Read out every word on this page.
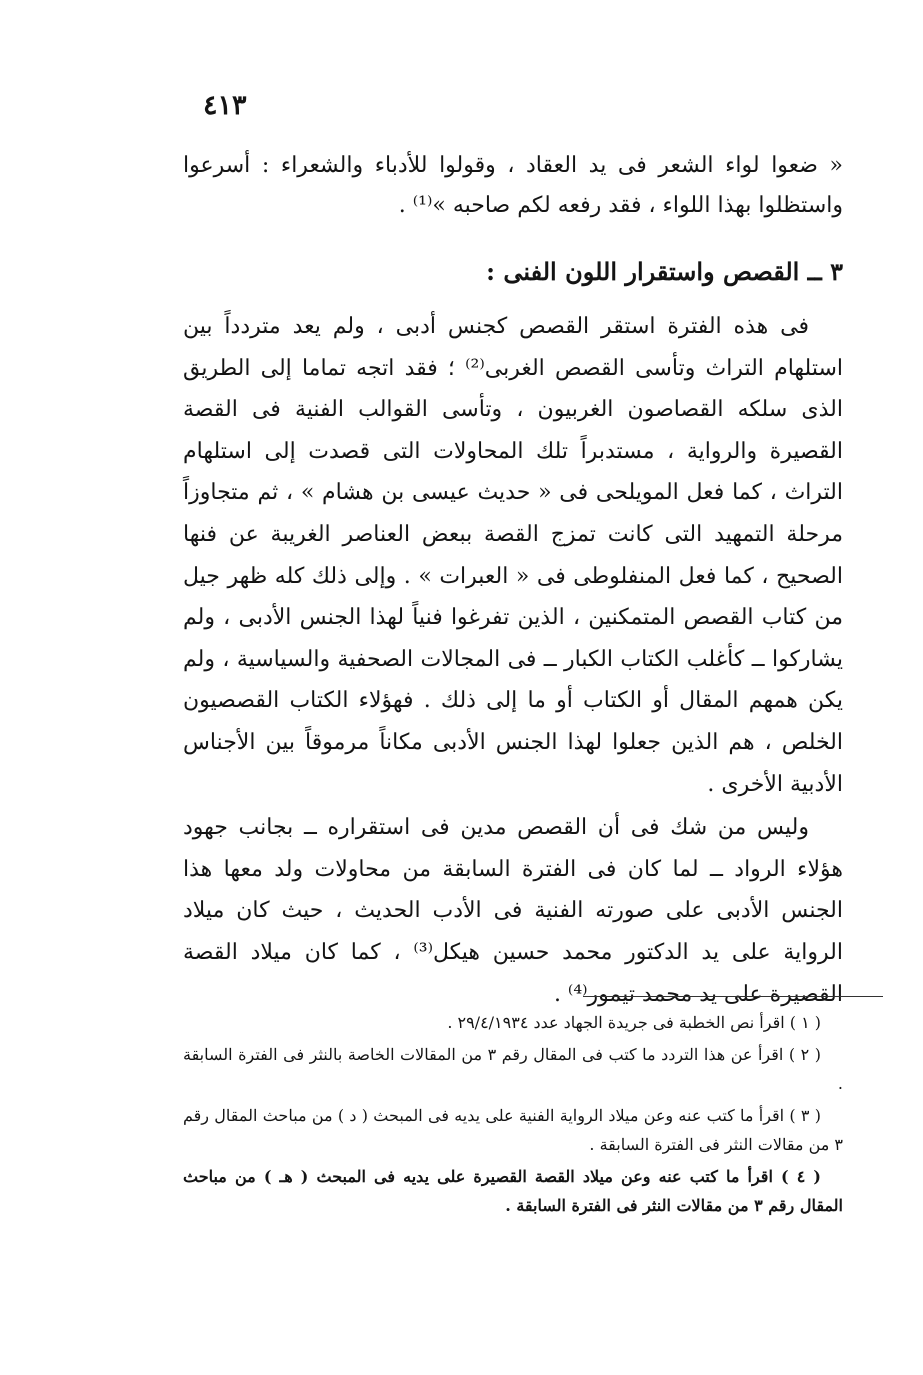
٤١٣
« ضعوا لواء الشعر فى يد العقاد ، وقولوا للأدباء والشعراء : أسرعوا واستظلوا بهذا اللواء ، فقد رفعه لكم صاحبه »⁽¹⁾ .
٣ ــ القصص واستقرار اللون الفنى :

فى هذه الفترة استقر القصص كجنس أدبى ، ولم يعد متردداً بين استلهام التراث وتأسى القصص الغربى⁽²⁾ ؛ فقد اتجه تماما إلى الطريق الذى سلكه القصاصون الغربيون ، وتأسى القوالب الفنية فى القصة القصيرة والرواية ، مستدبراً تلك المحاولات التى قصدت إلى استلهام التراث ، كما فعل المويلحى فى « حديث عيسى بن هشام » ، ثم متجاوزاً مرحلة التمهيد التى كانت تمزج القصة ببعض العناصر الغريبة عن فنها الصحيح ، كما فعل المنفلوطى فى « العبرات » . وإلى ذلك كله ظهر جيل من كتاب القصص المتمكنين ، الذين تفرغوا فنياً لهذا الجنس الأدبى ، ولم يشاركوا ــ كأغلب الكتاب الكبار ــ فى المجالات الصحفية والسياسية ، ولم يكن همهم المقال أو الكتاب أو ما إلى ذلك . فهؤلاء الكتاب القصصيون الخلص ، هم الذين جعلوا لهذا الجنس الأدبى مكاناً مرموقاً بين الأجناس الأدبية الأخرى .

وليس من شك فى أن القصص مدين فى استقراره ــ بجانب جهود هؤلاء الرواد ــ لما كان فى الفترة السابقة من محاولات ولد معها هذا الجنس الأدبى على صورته الفنية فى الأدب الحديث ، حيث كان ميلاد الرواية على يد الدكتور محمد حسين هيكل⁽³⁾ ، كما كان ميلاد القصة القصيرة على يد محمد تيمور⁽⁴⁾ .

( ١ ) اقرأ نص الخطبة فى جريدة الجهاد عدد ٢٩/٤/١٩٣٤ .

( ٢ ) اقرأ عن هذا التردد ما كتب فى المقال رقم ٣ من المقالات الخاصة بالنثر فى الفترة السابقة .

( ٣ ) اقرأ ما كتب عنه وعن ميلاد الرواية الفنية على يديه فى المبحث ( د ) من مباحث المقال رقم ٣ من مقالات النثر فى الفترة السابقة .

( ٤ ) اقرأ ما كتب عنه وعن ميلاد القصة القصيرة على يديه فى المبحث ( هـ ) من مباحث المقال رقم ٣ من مقالات النثر فى الفترة السابقة .
